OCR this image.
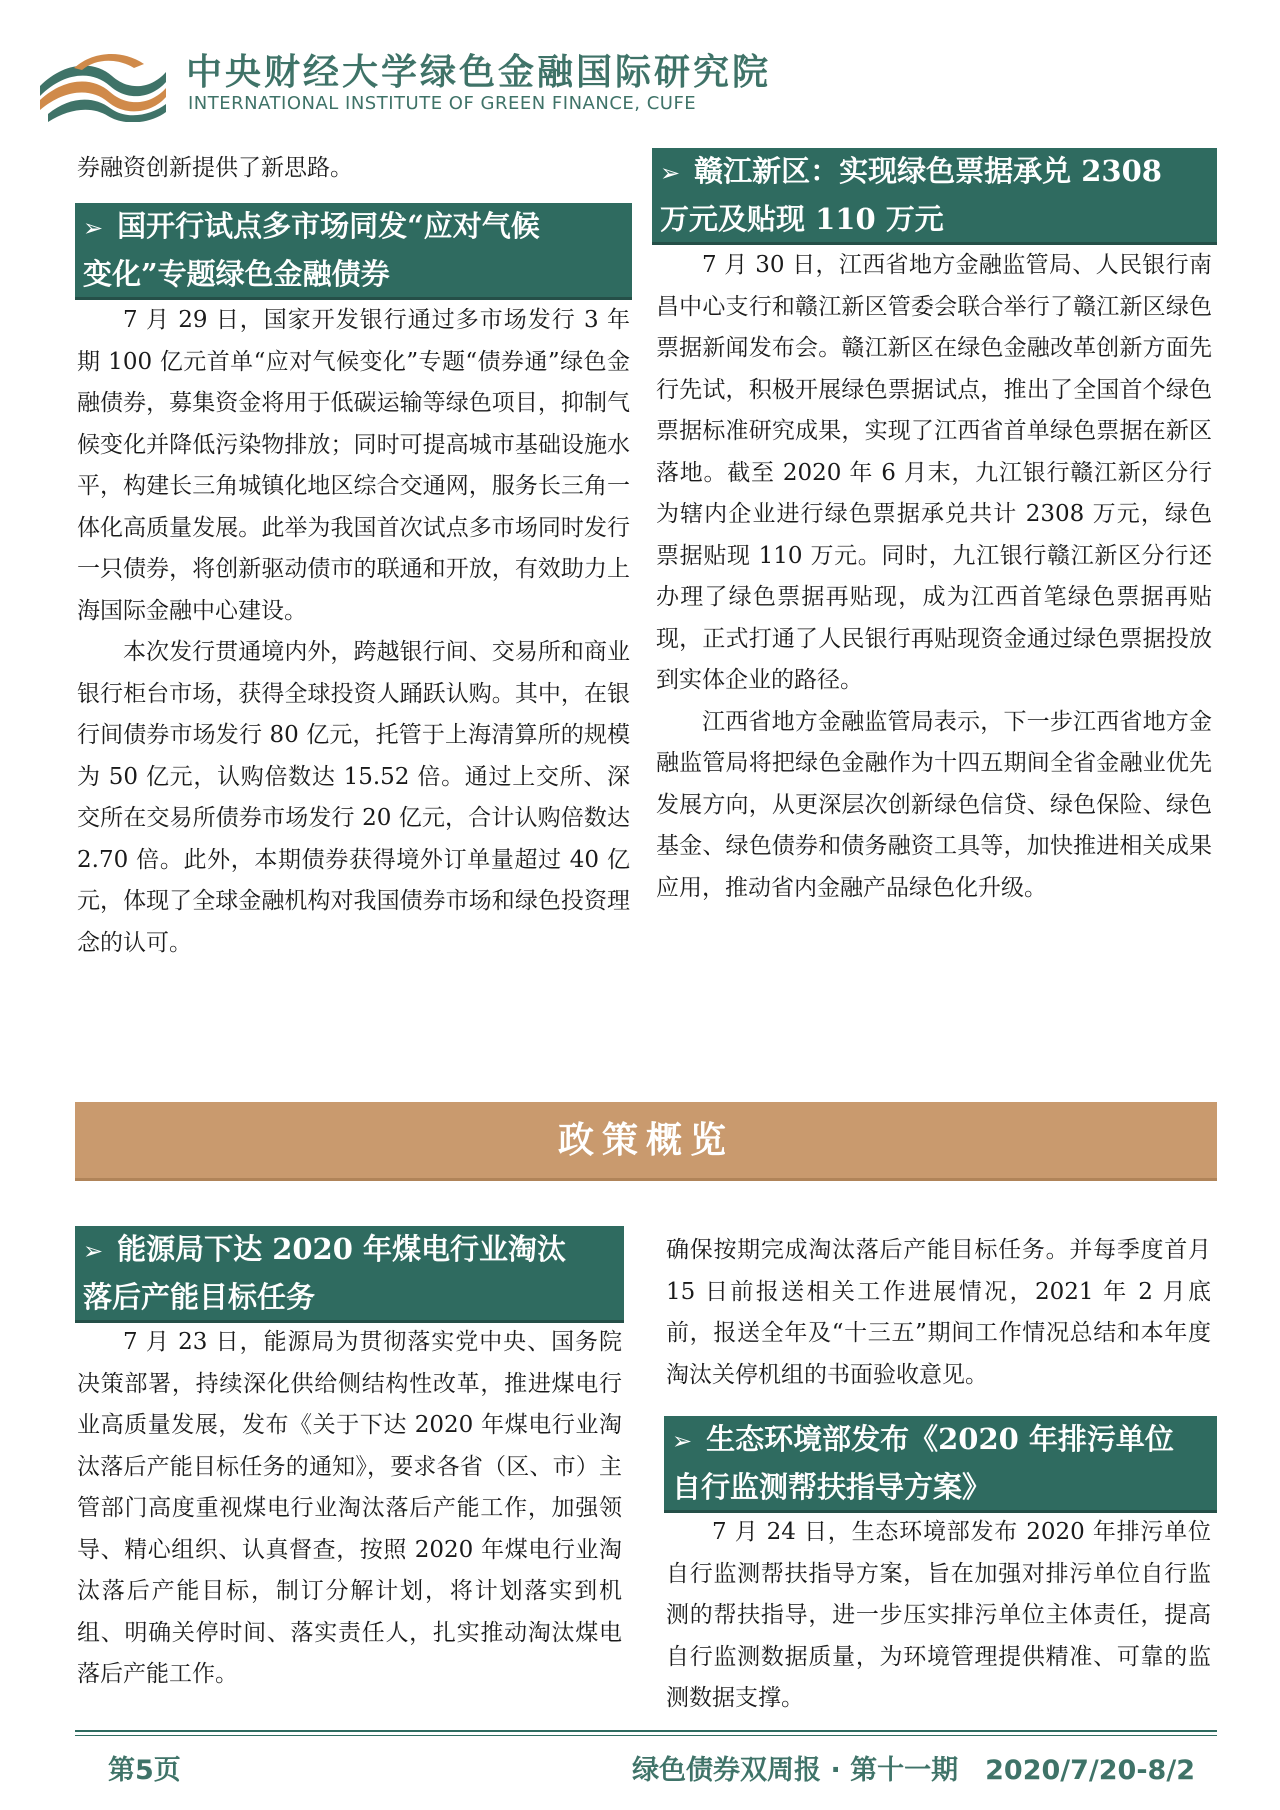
中央财经大学绿色金融国际研究院
INTERNATIONAL INSTITUTE OF GREEN FINANCE, CUFE

券融资创新提供了新思路。

➢ 国开行试点多市场同发“应对气候
变化”专题绿色金融债券

7 月 29 日，国家开发银行通过多市场发行 3 年期 100 亿元首单“应对气候变化”专题“债券通”绿色金融债券，募集资金将用于低碳运输等绿色项目，抑制气候变化并降低污染物排放；同时可提高城市基础设施水平，构建长三角城镇化地区综合交通网，服务长三角一体化高质量发展。此举为我国首次试点多市场同时发行一只债券，将创新驱动债市的联通和开放，有效助力上海国际金融中心建设。

本次发行贯通境内外，跨越银行间、交易所和商业银行柜台市场，获得全球投资人踊跃认购。其中，在银行间债券市场发行 80 亿元，托管于上海清算所的规模为 50 亿元，认购倍数达 15.52 倍。通过上交所、深交所在交易所债券市场发行 20 亿元，合计认购倍数达 2.70 倍。此外，本期债券获得境外订单量超过 40 亿元，体现了全球金融机构对我国债券市场和绿色投资理念的认可。

➢ 赣江新区：实现绿色票据承兑 2308
万元及贴现 110 万元

7 月 30 日，江西省地方金融监管局、人民银行南昌中心支行和赣江新区管委会联合举行了赣江新区绿色票据新闻发布会。赣江新区在绿色金融改革创新方面先行先试，积极开展绿色票据试点，推出了全国首个绿色票据标准研究成果，实现了江西省首单绿色票据在新区落地。截至 2020 年 6 月末，九江银行赣江新区分行为辖内企业进行绿色票据承兑共计 2308 万元，绿色票据贴现 110 万元。同时，九江银行赣江新区分行还办理了绿色票据再贴现，成为江西首笔绿色票据再贴现，正式打通了人民银行再贴现资金通过绿色票据投放到实体企业的路径。

江西省地方金融监管局表示，下一步江西省地方金融监管局将把绿色金融作为十四五期间全省金融业优先发展方向，从更深层次创新绿色信贷、绿色保险、绿色基金、绿色债券和债务融资工具等，加快推进相关成果应用，推动省内金融产品绿色化升级。

政策概览
➢ 能源局下达 2020 年煤电行业淘汰
落后产能目标任务

7 月 23 日，能源局为贯彻落实党中央、国务院决策部署，持续深化供给侧结构性改革，推进煤电行业高质量发展，发布《关于下达 2020 年煤电行业淘汰落后产能目标任务的通知》，要求各省（区、市）主管部门高度重视煤电行业淘汰落后产能工作，加强领导、精心组织、认真督查，按照 2020 年煤电行业淘汰落后产能目标，制订分解计划，将计划落实到机组、明确关停时间、落实责任人，扎实推动淘汰煤电落后产能工作。

确保按期完成淘汰落后产能目标任务。并每季度首月 15 日前报送相关工作进展情况，2021 年 2 月底前，报送全年及“十三五”期间工作情况总结和本年度淘汰关停机组的书面验收意见。

➢ 生态环境部发布《2020 年排污单位
自行监测帮扶指导方案》

7 月 24 日，生态环境部发布 2020 年排污单位自行监测帮扶指导方案，旨在加强对排污单位自行监测的帮扶指导，进一步压实排污单位主体责任，提高自行监测数据质量，为环境管理提供精准、可靠的监测数据支撑。

第5页	绿色债券双周报 · 第十一期　2020/7/20-8/2
